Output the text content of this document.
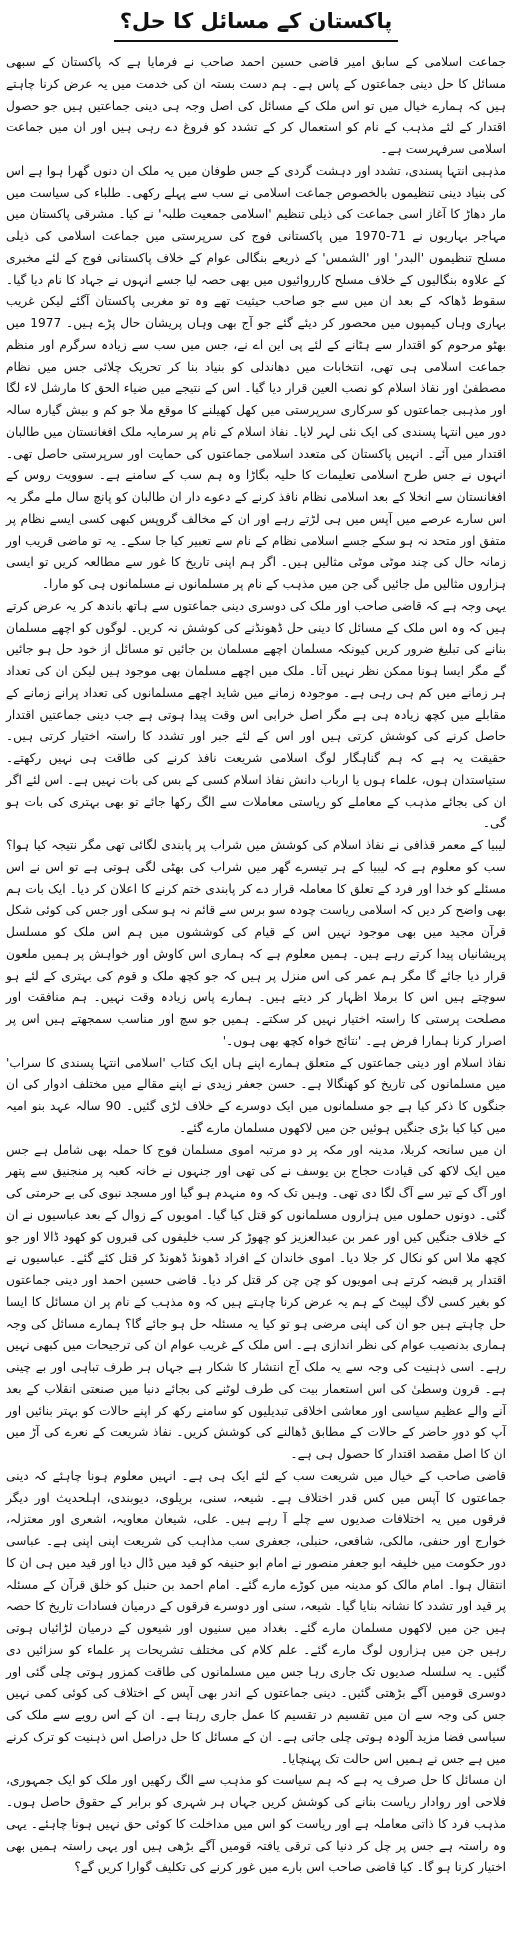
پاکستان کے مسائل کا حل؟

جماعت اسلامی کے سابق امیر قاضی حسین احمد صاحب نے فرمایا ہے کہ پاکستان کے سبھی مسائل کا حل دینی جماعتوں کے پاس ہے۔ ہم دست بستہ ان کی خدمت میں یہ عرض کرنا چاہتے ہیں کہ ہمارے خیال میں تو اس ملک کے مسائل کی اصل وجہ ہی دینی جماعتیں ہیں جو حصول اقتدار کے لئے مذہب کے نام کو استعمال کر کے تشدد کو فروغ دے رہی ہیں اور ان میں جماعت اسلامی سرفہرست ہے۔

مذہبی انتہا پسندی، تشدد اور دہشت گردی کے جس طوفان میں یہ ملک ان دنوں گھرا ہوا ہے اس کی بنیاد دینی تنظیموں بالخصوص جماعت اسلامی نے سب سے پہلے رکھی۔ طلباء کی سیاست میں مار دھاڑ کا آغاز اسی جماعت کی ذیلی تنظیم 'اسلامی جمعیت طلبہ' نے کیا۔ مشرقی پاکستان میں مہاجر بہاریوں نے 71-1970 میں پاکستانی فوج کی سرپرستی میں جماعت اسلامی کی ذیلی مسلح تنظیموں 'البدر' اور 'الشمس' کے ذریعے بنگالی عوام کے خلاف پاکستانی فوج کے لئے مخبری کے علاوہ بنگالیوں کے خلاف مسلح کارروائیوں میں بھی حصہ لیا جسے انہوں نے جہاد کا نام دیا گیا۔ سقوط ڈھاکہ کے بعد ان میں سے جو صاحب حیثیت تھے وہ تو مغربی پاکستان آگئے لیکن غریب بہاری وہاں کیمپوں میں محصور کر دیئے گئے جو آج بھی وہاں پریشان حال پڑے ہیں۔ 1977 میں بھٹو مرحوم کو اقتدار سے ہٹانے کے لئے پی این اے نے، جس میں سب سے زیادہ سرگرم اور منظم جماعت اسلامی ہی تھی، انتخابات میں دھاندلی کو بنیاد بنا کر تحریک چلائی جس میں نظام مصطفیٰ اور نفاذ اسلام کو نصب العین قرار دیا گیا۔ اس کے نتیجے میں ضیاء الحق کا مارشل لاء لگا اور مذہبی جماعتوں کو سرکاری سرپرستی میں کھل کھیلنے کا موقع ملا جو کم و بیش گیارہ سالہ دور میں انتہا پسندی کی ایک نئی لہر لایا۔ نفاذ اسلام کے نام پر سرمایہ ملک افغانستان میں طالبان اقتدار میں آئے۔ انہیں پاکستان کی متعدد اسلامی جماعتوں کی حمایت اور سرپرستی حاصل تھی۔ انہوں نے جس طرح اسلامی تعلیمات کا حلیہ بگاڑا وہ ہم سب کے سامنے ہے۔ سوویت روس کے افغانستان سے انخلا کے بعد اسلامی نظام نافذ کرنے کے دعوے دار ان طالبان کو پانچ سال ملے مگر یہ اس سارے عرصے میں آپس میں ہی لڑتے رہے اور ان کے مخالف گروپس کبھی کسی ایسے نظام پر متفق اور متحد نہ ہو سکے جسے اسلامی نظام کے نام سے تعبیر کیا جا سکے۔ یہ تو ماضی قریب اور زمانہ حال کی چند موٹی موٹی مثالیں ہیں۔ اگر ہم اپنی تاریخ کا غور سے مطالعہ کریں تو ایسی ہزاروں مثالیں مل جائیں گی جن میں مذہب کے نام پر مسلمانوں نے مسلمانوں ہی کو مارا۔

یہی وجہ ہے کہ قاضی صاحب اور ملک کی دوسری دینی جماعتوں سے ہاتھ باندھ کر یہ عرض کرتے ہیں کہ وہ اس ملک کے مسائل کا دینی حل ڈھونڈنے کی کوشش نہ کریں۔ لوگوں کو اچھے مسلمان بنانے کی تبلیغ ضرور کریں کیونکہ مسلمان اچھے مسلمان بن جائیں تو مسائل از خود حل ہو جائیں گے مگر ایسا ہونا ممکن نظر نہیں آتا۔ ملک میں اچھے مسلمان بھی موجود ہیں لیکن ان کی تعداد ہر زمانے میں کم ہی رہی ہے۔ موجودہ زمانے میں شاید اچھے مسلمانوں کی تعداد پرانے زمانے کے مقابلے میں کچھ زیادہ ہی ہے مگر اصل خرابی اس وقت پیدا ہوتی ہے جب دینی جماعتیں اقتدار حاصل کرنے کی کوشش کرتی ہیں اور اس کے لئے جبر اور تشدد کا راستہ اختیار کرتی ہیں۔ حقیقت یہ ہے کہ ہم گناہگار لوگ اسلامی شریعت نافذ کرنے کی طاقت ہی نہیں رکھتے۔ ستیاستدان ہوں، علماء ہوں یا ارباب دانش نفاذ اسلام کسی کے بس کی بات نہیں ہے۔ اس لئے اگر ان کی بجائے مذہب کے معاملے کو ریاستی معاملات سے الگ رکھا جائے تو بھی بہتری کی بات ہو گی۔

لیبیا کے معمر قذافی نے نفاذ اسلام کی کوشش میں شراب پر پابندی لگائی تھی مگر نتیجہ کیا ہوا؟ سب کو معلوم ہے کہ لیبیا کے ہر تیسرے گھر میں شراب کی بھٹی لگی ہوتی ہے تو اس نے اس مسئلے کو خدا اور فرد کے تعلق کا معاملہ قرار دے کر پابندی ختم کرنے کا اعلان کر دیا۔ ایک بات ہم بھی واضح کر دیں کہ اسلامی ریاست چودہ سو برس سے قائم نہ ہو سکی اور جس کی کوئی شکل قرآن مجید میں بھی موجود نہیں اس کے قیام کی کوششوں میں ہم اس ملک کو مسلسل پریشانیاں پیدا کرتے رہے ہیں۔ ہمیں معلوم ہے کہ ہماری اس کاوش اور خواہش پر ہمیں ملعون قرار دیا جائے گا مگر ہم عمر کی اس منزل پر ہیں کہ جو کچھ ملک و قوم کی بہتری کے لئے ہو سوچتے ہیں اس کا برملا اظہار کر دیتے ہیں۔ ہمارے پاس زیادہ وقت نہیں۔ ہم منافقت اور مصلحت پرستی کا راستہ اختیار نہیں کر سکتے۔ ہمیں جو سچ اور مناسب سمجھتے ہیں اس پر اصرار کرنا ہمارا فرض ہے۔ 'نتائج خواہ کچھ بھی ہوں۔'

نفاذ اسلام اور دینی جماعتوں کے متعلق ہمارے اپنے ہاں ایک کتاب 'اسلامی انتہا پسندی کا سراب' میں مسلمانوں کی تاریخ کو کھنگالا ہے۔ حسن جعفر زیدی نے اپنے مقالے میں مختلف ادوار کی ان جنگوں کا ذکر کیا ہے جو مسلمانوں میں ایک دوسرے کے خلاف لڑی گئیں۔ 90 سالہ عہد بنو امیہ میں کیا کیا بڑی جنگیں ہوئیں جن میں لاکھوں مسلمان مارے گئے۔

ان میں سانحہ کربلا، مدینہ اور مکہ پر دو مرتبہ اموی مسلمان فوج کا حملہ بھی شامل ہے جس میں ایک لاکھ کی قیادت حجاج بن یوسف نے کی تھی اور جنہوں نے خانہ کعبہ پر منجنیق سے پتھر اور آگ کے تیر سے آگ لگا دی تھی۔ وہیں تک کہ وہ منہدم ہو گیا اور مسجد نبوی کی بے حرمتی کی گئی۔ دونوں حملوں میں ہزاروں مسلمانوں کو قتل کیا گیا۔ امویوں کے زوال کے بعد عباسیوں نے ان کے خلاف جنگیں کیں اور عمر بن عبدالعزیز کو چھوڑ کر سب خلیفوں کی قبروں کو کھود ڈالا اور جو کچھ ملا اس کو نکال کر جلا دیا۔ اموی خاندان کے افراد ڈھونڈ ڈھونڈ کر قتل کئے گئے۔ عباسیوں نے اقتدار پر قبضہ کرتے ہی امویوں کو چن چن کر قتل کر دیا۔ قاضی حسین احمد اور دینی جماعتوں کو بغیر کسی لاگ لپیٹ کے ہم یہ عرض کرنا چاہتے ہیں کہ وہ مذہب کے نام پر ان مسائل کا ایسا حل چاہتے ہیں جو ان کی اپنی مرضی ہو تو کیا یہ مسئلہ حل ہو جائے گا؟ ہمارے مسائل کی وجہ ہماری بدنصیب عوام کی نظر اندازی ہے۔ اس ملک کے غریب عوام ان کی ترجیحات میں کبھی نہیں رہے۔ اسی ذہنیت کی وجہ سے یہ ملک آج انتشار کا شکار ہے جہاں ہر طرف تباہی اور بے چینی ہے۔ قرون وسطیٰ کی اس استعمار بیت کی طرف لوٹنے کی بجائے دنیا میں صنعتی انقلاب کے بعد آنے والے عظیم سیاسی اور معاشی اخلاقی تبدیلیوں کو سامنے رکھ کر اپنے حالات کو بہتر بنائیں اور آپ کو دورِ حاضر کے حالات کے مطابق ڈھالنے کی کوشش کریں۔ نفاذ شریعت کے نعرے کی آڑ میں ان کا اصل مقصد اقتدار کا حصول ہی ہے۔

قاضی صاحب کے خیال میں شریعت سب کے لئے ایک ہی ہے۔ انہیں معلوم ہونا چاہئے کہ دینی جماعتوں کا آپس میں کس قدر اختلاف ہے۔ شیعہ، سنی، بریلوی، دیوبندی، اہلحدیث اور دیگر فرقوں میں یہ اختلافات صدیوں سے چلے آ رہے ہیں۔ علی، شیعان معاویہ، اشعری اور معتزلہ، خوارج اور حنفی، مالکی، شافعی، حنبلی، جعفری سب مذاہب کی شریعت اپنی اپنی ہے۔ عباسی دور حکومت میں خلیفہ ابو جعفر منصور نے امام ابو حنیفہ کو قید میں ڈال دیا اور قید میں ہی ان کا انتقال ہوا۔ امام مالک کو مدینہ میں کوڑے مارے گئے۔ امام احمد بن حنبل کو خلق قرآن کے مسئلہ پر قید اور تشدد کا نشانہ بنایا گیا۔ شیعہ، سنی اور دوسرے فرقوں کے درمیان فسادات تاریخ کا حصہ ہیں جن میں لاکھوں مسلمان مارے گئے۔ بغداد میں سنیوں اور شیعوں کے درمیان لڑائیاں ہوتی رہیں جن میں ہزاروں لوگ مارے گئے۔ علم کلام کی مختلف تشریحات پر علماء کو سزائیں دی گئیں۔ یہ سلسلہ صدیوں تک جاری رہا جس میں مسلمانوں کی طاقت کمزور ہوتی چلی گئی اور دوسری قومیں آگے بڑھتی گئیں۔ دینی جماعتوں کے اندر بھی آپس کے اختلاف کی کوئی کمی نہیں جس کی وجہ سے ان میں تقسیم در تقسیم کا عمل جاری رہتا ہے۔ ان کے اس رویے سے ملک کی سیاسی فضا مزید آلودہ ہوتی چلی جاتی ہے۔ ان کے مسائل کا حل دراصل اس ذہنیت کو ترک کرنے میں ہے جس نے ہمیں اس حالت تک پہنچایا۔

ان مسائل کا حل صرف یہ ہے کہ ہم سیاست کو مذہب سے الگ رکھیں اور ملک کو ایک جمہوری، فلاحی اور روادار ریاست بنانے کی کوشش کریں جہاں ہر شہری کو برابر کے حقوق حاصل ہوں۔ مذہب فرد کا ذاتی معاملہ ہے اور ریاست کو اس میں مداخلت کا کوئی حق نہیں ہونا چاہئے۔ یہی وہ راستہ ہے جس پر چل کر دنیا کی ترقی یافتہ قومیں آگے بڑھی ہیں اور یہی راستہ ہمیں بھی اختیار کرنا ہو گا۔ کیا قاضی صاحب اس بارے میں غور کرنے کی تکلیف گوارا کریں گے؟
